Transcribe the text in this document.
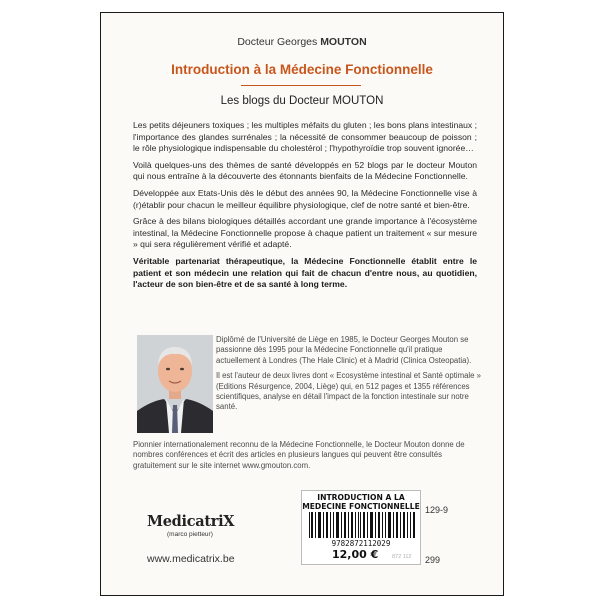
Docteur Georges MOUTON
Introduction à la Médecine Fonctionnelle
Les blogs du Docteur MOUTON

Les petits déjeuners toxiques ; les multiples méfaits du gluten ; les bons plans intestinaux ; l'importance des glandes surrénales ; la nécessité de consommer beaucoup de poisson ; le rôle physiologique indispensable du cholestérol ; l'hypothyroïdie trop souvent ignorée…

Voilà quelques-uns des thèmes de santé développés en 52 blogs par le docteur Mouton qui nous entraîne à la découverte des étonnants bienfaits de la Médecine Fonctionnelle.

Développée aux Etats-Unis dès le début des années 90, la Médecine Fonctionnelle vise à (r)établir pour chacun le meilleur équilibre physiologique, clef de notre santé et bien-être.

Grâce à des bilans biologiques détaillés accordant une grande importance à l'écosystème intestinal, la Médecine Fonctionnelle propose à chaque patient un traitement « sur mesure » qui sera régulièrement vérifié et adapté.

Véritable partenariat thérapeutique, la Médecine Fonctionnelle établit entre le patient et son médecin une relation qui fait de chacun d'entre nous, au quotidien, l'acteur de son bien-être et de sa santé à long terme.

Diplômé de l'Université de Liège en 1985, le Docteur Georges Mouton se passionne dès 1995 pour la Médecine Fonctionnelle qu'il pratique actuellement à Londres (The Hale Clinic) et à Madrid (Clinica Osteopatia).

Il est l'auteur de deux livres dont « Ecosystème intestinal et Santé optimale » (Editions Résurgence, 2004, Liège) qui, en 512 pages et 1355 références scientifiques, analyse en détail l'impact de la fonction intestinale sur notre santé.

Pionnier internationalement reconnu de la Médecine Fonctionnelle, le Docteur Mouton donne de nombres conférences et écrit des articles en plusieurs langues qui peuvent être consultés gratuitement sur le site internet www.gmouton.com.

MedicatriX
(marco pietteur)
www.medicatrix.be
129-9
299
INTRODUCTION A LA MEDECINE FONCTIONNELLE
9782872112029
12,00 € 872 112
